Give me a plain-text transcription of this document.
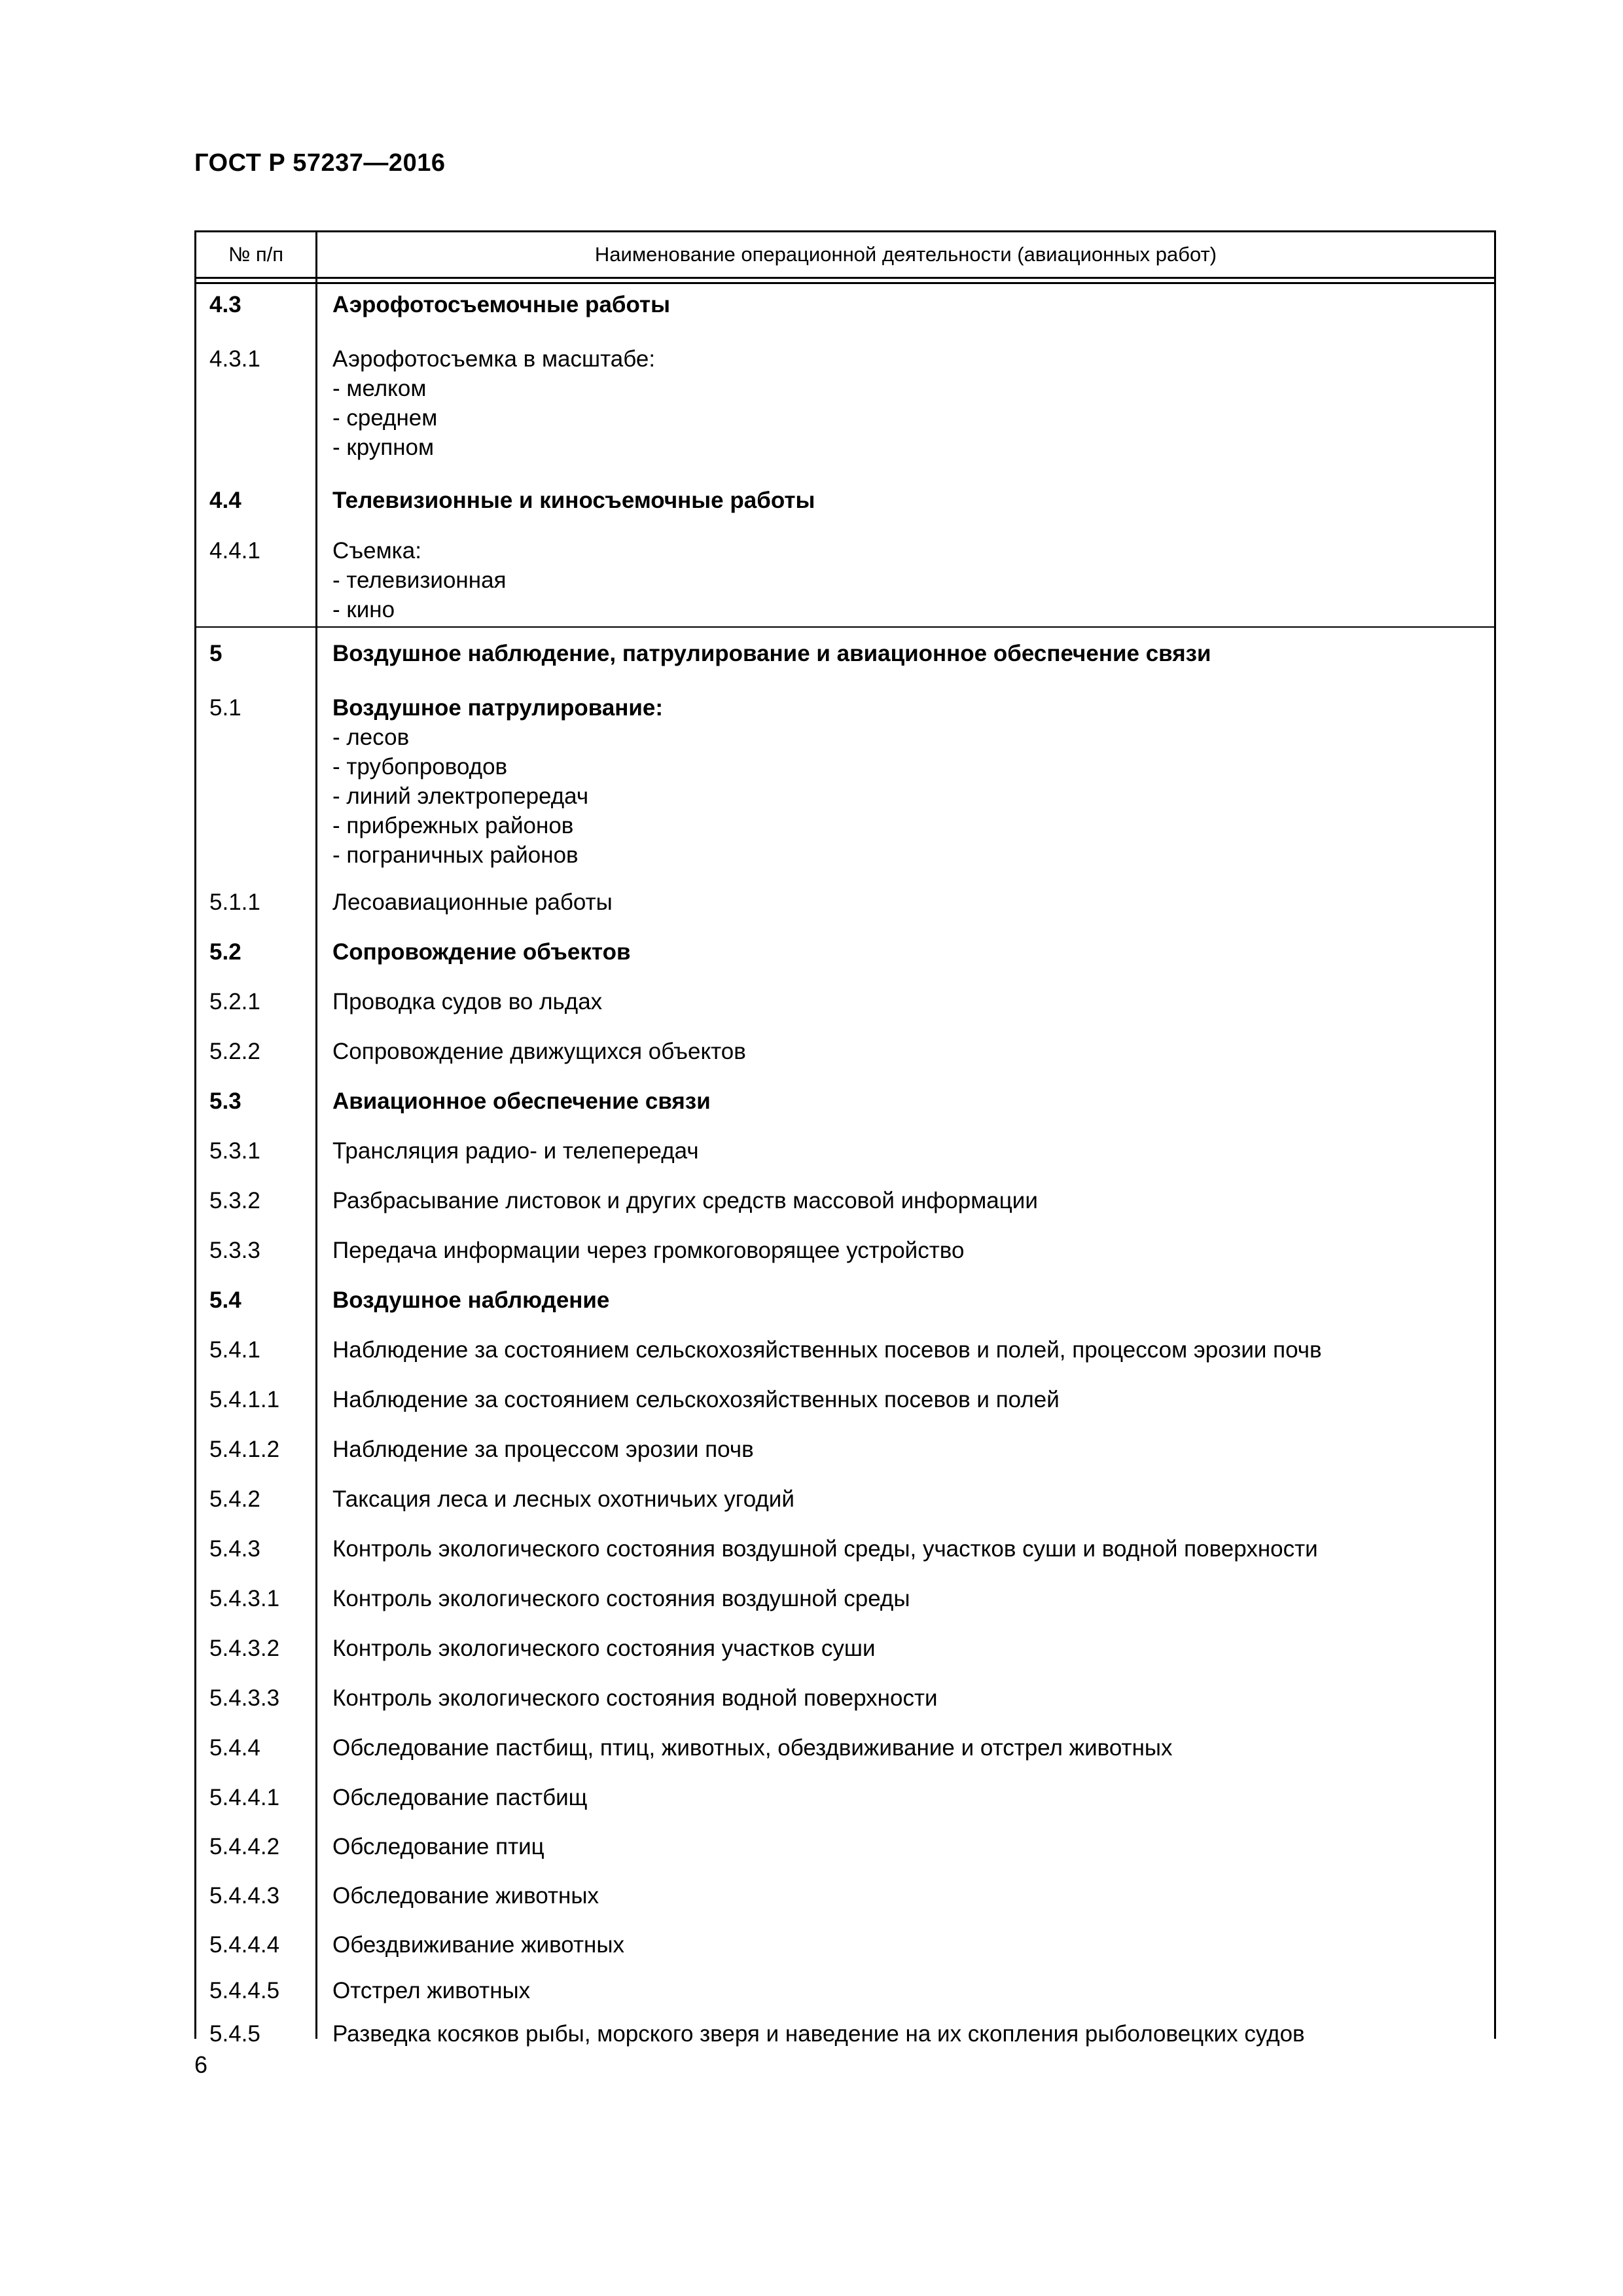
ГОСТ Р 57237—2016
№ п/п	Наименование операционной деятельности (авиационных работ)
4.3	Аэрофотосъемочные работы
4.3.1	Аэрофотосъемка в масштабе:
- мелком
- среднем
- крупном
4.4	Телевизионные и киносъемочные работы
4.4.1	Съемка:
- телевизионная
- кино
5	Воздушное наблюдение, патрулирование и авиационное обеспечение связи
5.1	Воздушное патрулирование:
- лесов
- трубопроводов
- линий электропередач
- прибрежных районов
- пограничных районов
5.1.1	Лесоавиационные работы
5.2	Сопровождение объектов
5.2.1	Проводка судов во льдах
5.2.2	Сопровождение движущихся объектов
5.3	Авиационное обеспечение связи
5.3.1	Трансляция радио- и телепередач
5.3.2	Разбрасывание листовок и других средств массовой информации
5.3.3	Передача информации через громкоговорящее устройство
5.4	Воздушное наблюдение
5.4.1	Наблюдение за состоянием сельскохозяйственных посевов и полей, процессом эрозии почв
5.4.1.1 Наблюдение за состоянием сельскохозяйственных посевов и полей
5.4.1.2 Наблюдение за процессом эрозии почв
5.4.2	Таксация леса и лесных охотничьих угодий
5.4.3	Контроль экологического состояния воздушной среды, участков суши и водной поверхности
5.4.3.1 Контроль экологического состояния воздушной среды
5.4.3.2 Контроль экологического состояния участков суши
5.4.3.3 Контроль экологического состояния водной поверхности
5.4.4	Обследование пастбищ, птиц, животных, обездвиживание и отстрел животных
5.4.4.1 Обследование пастбищ
5.4.4.2 Обследование птиц
5.4.4.3 Обследование животных
5.4.4.4 Обездвиживание животных
5.4.4.5 Отстрел животных
5.4.5	Разведка косяков рыбы, морского зверя и наведение на их скопления рыболовецких судов
6
